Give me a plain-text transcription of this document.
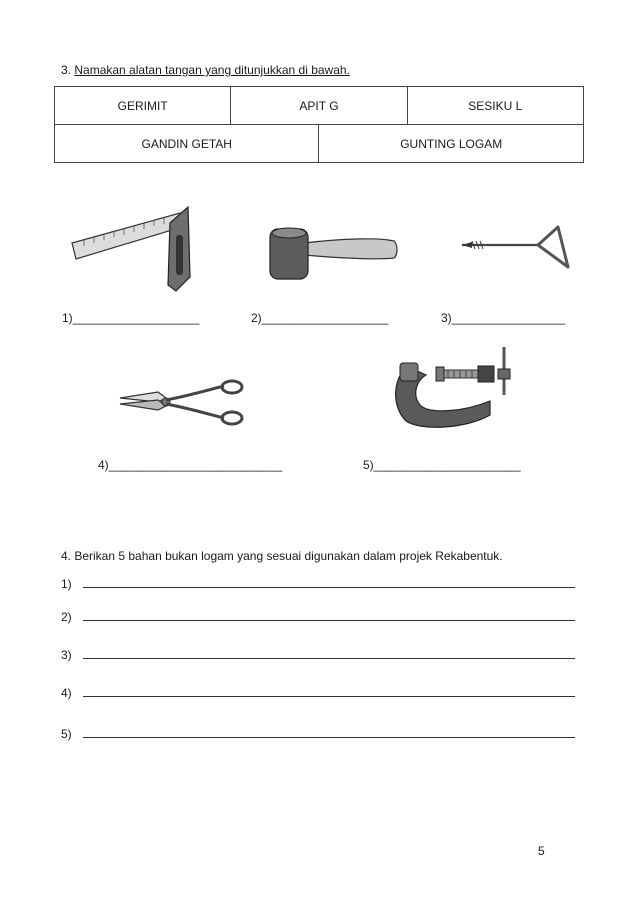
3. Namakan alatan tangan yang ditunjukkan di bawah.
GERIMIT	APIT G		SESIKU L
GANDIN GETAH		GUNTING LOGAM	
1)___________________	2)___________________	3)_________________
4)__________________________	5)______________________
4. Berikan 5 bahan bukan logam yang sesuai digunakan dalam projek Rekabentuk.
1)
2)
3)
4)
5)
5
